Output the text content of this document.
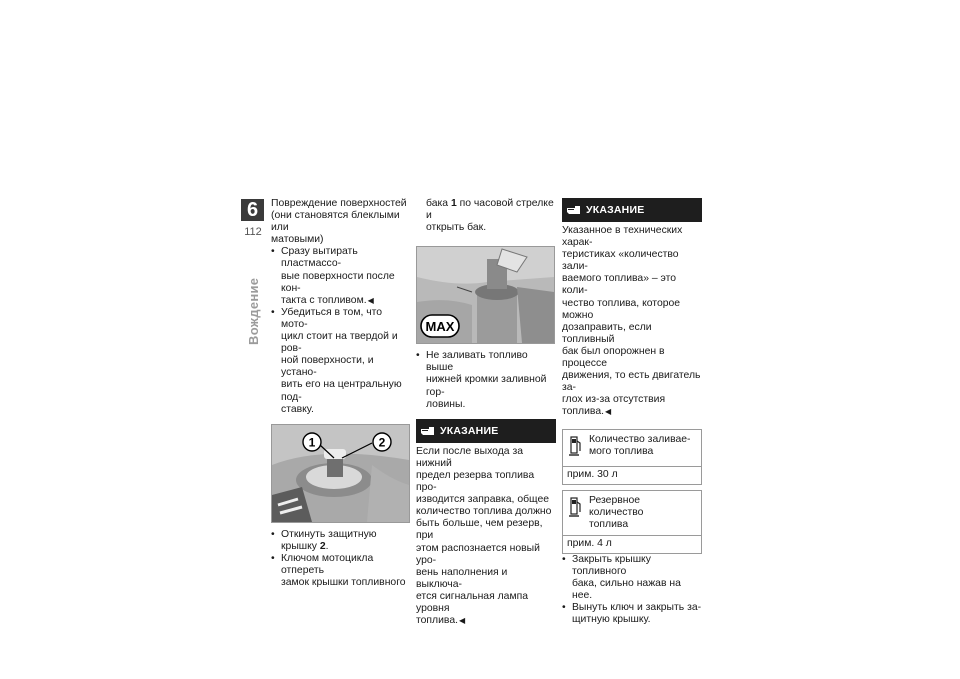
6
112
Вождение

Повреждение поверхностей
(они становятся блеклыми или
матовыми)

• Сразу вытирать пластмассо-
вые поверхности после кон-
такта с топливом.◀
• Убедиться в том, что мото-
цикл стоит на твердой и ров-
ной поверхности, и устано-
вить его на центральную под-
ставку.
1	2
• Откинуть защитную крышку 2.
• Ключом мотоцикла отпереть
замок крышки топливного

бака 1 по часовой стрелке и
открыть бак.

MAX
• Не заливать топливо выше
нижней кромки заливной гор-
ловины.
УКАЗАНИЕ

Если после выхода за нижний
предел резерва топлива про-
изводится заправка, общее
количество топлива должно
быть больше, чем резерв, при
этом распознается новый уро-
вень наполнения и выключа-
ется сигнальная лампа уровня
топлива.◀

УКАЗАНИЕ

Указанное в технических харак-
теристиках «количество зали-
ваемого топлива» – это коли-
чество топлива, которое можно
дозаправить, если топливный
бак был опорожнен в процессе
движения, то есть двигатель за-
глох из-за отсутствия топлива.◀

Количество заливае-
мого топлива
прим. 30 л
Резервное количество
топлива
прим. 4 л
• Закрыть крышку топливного
бака, сильно нажав на нее.
• Вынуть ключ и закрыть за-
щитную крышку.
